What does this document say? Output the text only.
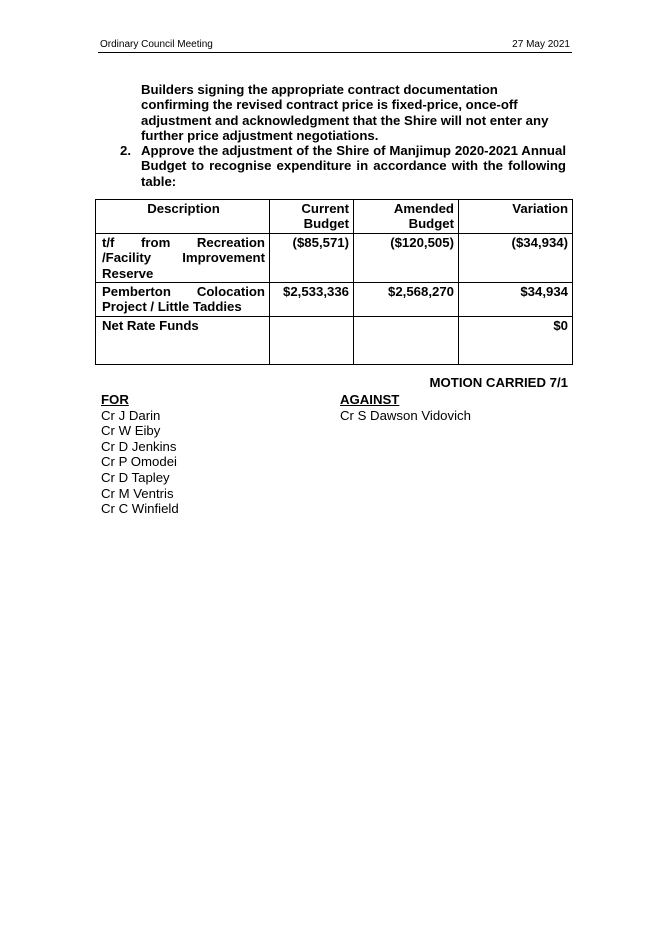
Ordinary Council Meeting	27 May 2021
Builders signing the appropriate contract documentation confirming the revised contract price is fixed-price, once-off adjustment and acknowledgment that the Shire will not enter any further price adjustment negotiations.
2. Approve the adjustment of the Shire of Manjimup 2020-2021 Annual Budget to recognise expenditure in accordance with the following table:
Description	Current Budget	Amended Budget	Variation
t/f from Recreation /Facility Improvement Reserve	($85,571)	($120,505)	($34,934)
Pemberton Colocation Project / Little Taddies	$2,533,336	$2,568,270	$34,934
Net Rate Funds			$0
MOTION CARRIED 7/1
FOR
Cr J Darin
Cr W Eiby
Cr D Jenkins
Cr P Omodei
Cr D Tapley
Cr M Ventris
Cr C Winfield
AGAINST
Cr S Dawson Vidovich
